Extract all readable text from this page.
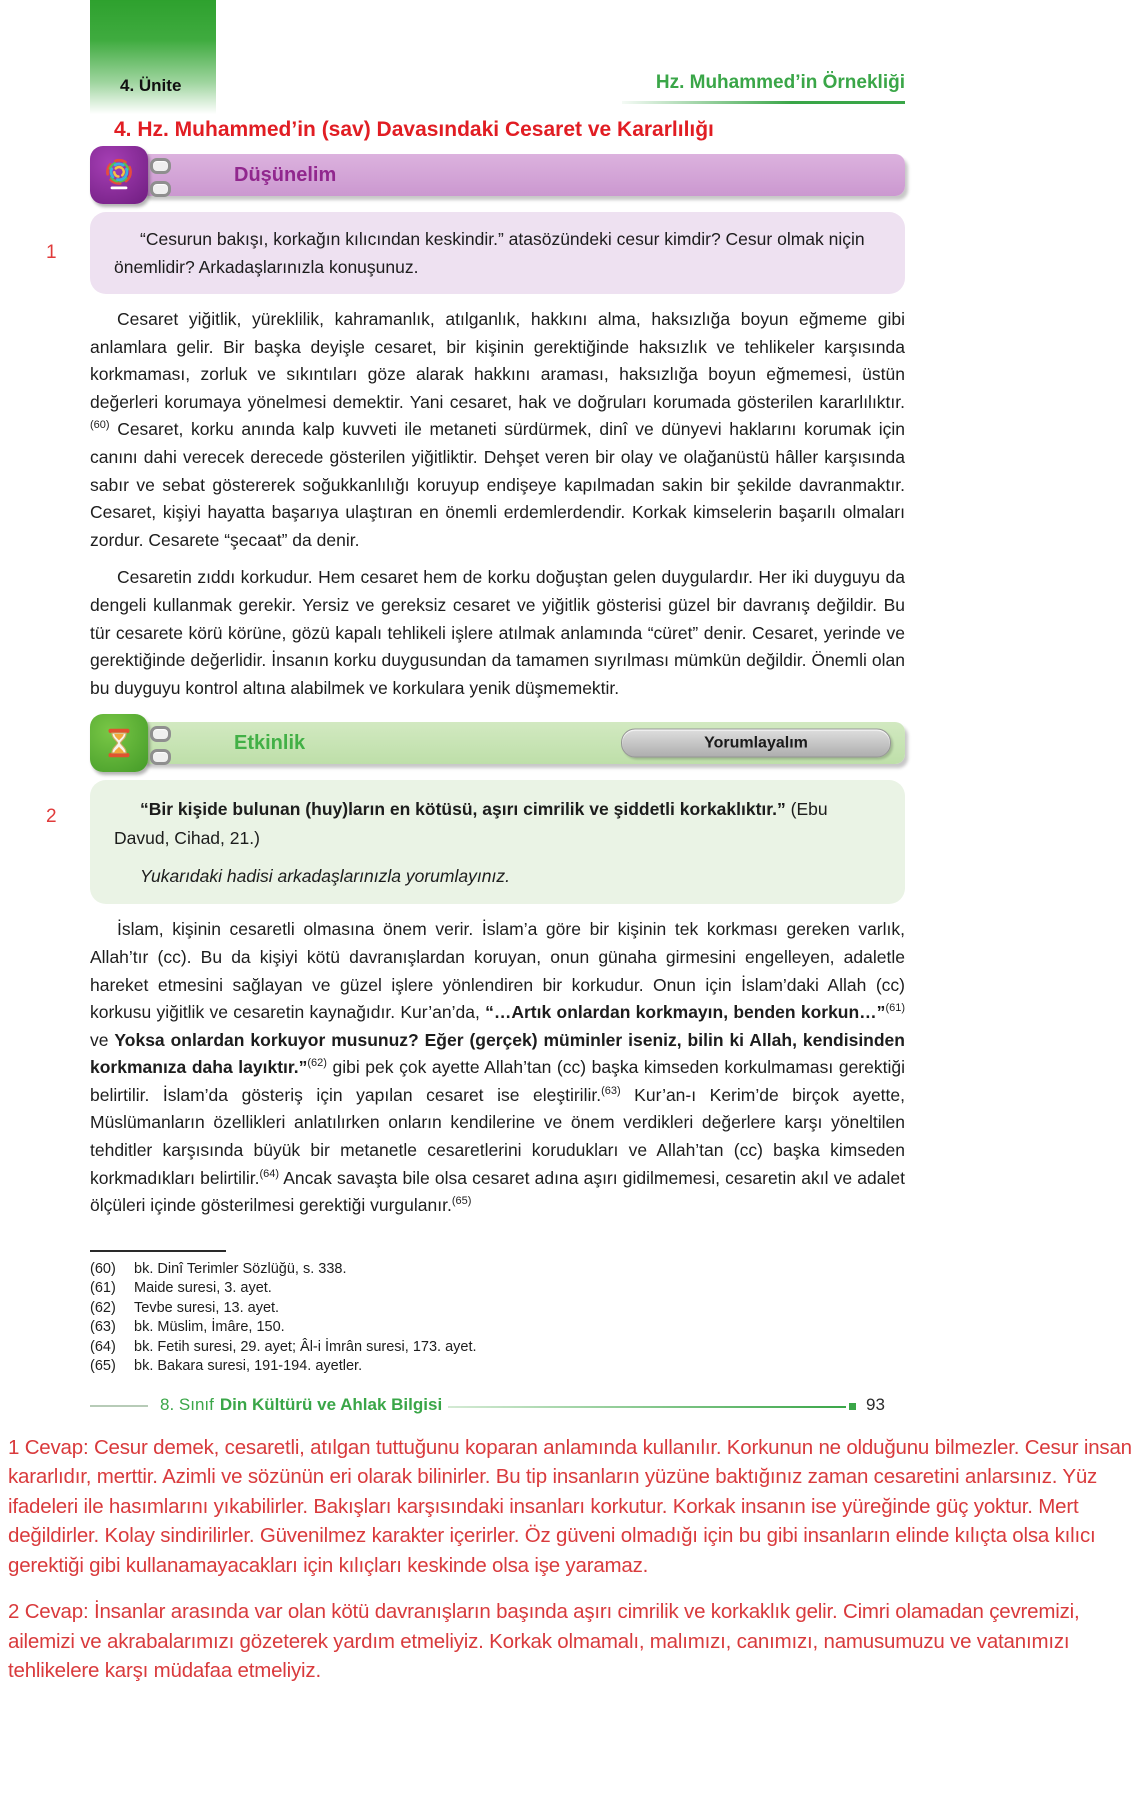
4. Ünite	Hz. Muhammed’in Örnekliği
4. Hz. Muhammed’in (sav) Davasındaki Cesaret ve Kararlılığı
Düşünelim
1
“Cesurun bakışı, korkağın kılıcından keskindir.” atasözündeki cesur kimdir? Cesur olmak niçin önemlidir? Arkadaşlarınızla konuşunuz.

Cesaret yiğitlik, yüreklilik, kahramanlık, atılganlık, hakkını alma, haksızlığa boyun eğmeme gibi anlamlara gelir. Bir başka deyişle cesaret, bir kişinin gerektiğinde haksızlık ve tehlikeler karşısında korkmaması, zorluk ve sıkıntıları göze alarak hakkını araması, haksızlığa boyun eğmemesi, üstün değerleri korumaya yönelmesi demektir. Yani cesaret, hak ve doğruları korumada gösterilen kararlılıktır.$^{(60)}$ Cesaret, korku anında kalp kuvveti ile metaneti sürdürmek, dinî ve dünyevi haklarını korumak için canını dahi verecek derecede gösterilen yiğitliktir. Dehşet veren bir olay ve olağanüstü hâller karşısında sabır ve sebat göstererek soğukkanlılığı koruyup endişeye kapılmadan sakin bir şekilde davranmaktır. Cesaret, kişiyi hayatta başarıya ulaştıran en önemli erdemlerdendir. Korkak kimselerin başarılı olmaları zordur. Cesarete “şecaat” da denir.

Cesaretin zıddı korkudur. Hem cesaret hem de korku doğuştan gelen duygulardır. Her iki duyguyu da dengeli kullanmak gerekir. Yersiz ve gereksiz cesaret ve yiğitlik gösterisi güzel bir davranış değildir. Bu tür cesarete körü körüne, gözü kapalı tehlikeli işlere atılmak anlamında “cüret” denir. Cesaret, yerinde ve gerektiğinde değerlidir. İnsanın korku duygusundan da tamamen sıyrılması mümkün değildir. Önemli olan bu duyguyu kontrol altına alabilmek ve korkulara yenik düşmemektir.

Etkinlik	Yorumlayalım
2	“Bir kişide bulunan (huy)ların en kötüsü, aşırı cimrilik ve şiddetli korkaklıktır.” (Ebu Davud, Cihad, 21.)
Yukarıdaki hadisi arkadaşlarınızla yorumlayınız.

İslam, kişinin cesaretli olmasına önem verir. İslam’a göre bir kişinin tek korkması gereken varlık, Allah’tır (cc). Bu da kişiyi kötü davranışlardan koruyan, onun günaha girmesini engelleyen, adaletle hareket etmesini sağlayan ve güzel işlere yönlendiren bir korkudur. Onun için İslam’daki Allah (cc) korkusu yiğitlik ve cesaretin kaynağıdır. Kur’an’da, “…Artık onlardan korkmayın, benden korkun…”$^{(61)}$ ve Yoksa onlardan korkuyor musunuz? Eğer (gerçek) müminler iseniz, bilin ki Allah, kendisinden korkmanıza daha layıktır.”$^{(62)}$ gibi pek çok ayette Allah’tan (cc) başka kimseden korkulmaması gerektiği belirtilir. İslam’da gösteriş için yapılan cesaret ise eleştirilir.$^{(63)}$ Kur’an-ı Kerim’de birçok ayette, Müslümanların özellikleri anlatılırken onların kendilerine ve önem verdikleri değerlere karşı yöneltilen tehditler karşısında büyük bir metanetle cesaretlerini korudukları ve Allah’tan (cc) başka kimseden korkmadıkları belirtilir.$^{(64)}$ Ancak savaşta bile olsa cesaret adına aşırı gidilmemesi, cesaretin akıl ve adalet ölçüleri içinde gösterilmesi gerektiği vurgulanır.$^{(65)}$

(60)	bk. Dinî Terimler Sözlüğü, s. 338.
(61)	Maide suresi, 3. ayet.
(62)	Tevbe suresi, 13. ayet.
(63)	bk. Müslim, İmâre, 150.
(64)	bk. Fetih suresi, 29. ayet; Âl-i İmrân suresi, 173. ayet.
(65)	bk. Bakara suresi, 191-194. ayetler.
8. Sınıf Din Kültürü ve Ahlak Bilgisi	93

1 Cevap: Cesur demek, cesaretli, atılgan tuttuğunu koparan anlamında kullanılır. Korkunun ne olduğunu bilmezler. Cesur insan kararlıdır, merttir. Azimli ve sözünün eri olarak bilinirler. Bu tip insanların yüzüne baktığınız zaman cesaretini anlarsınız. Yüz ifadeleri ile hasımlarını yıkabilirler. Bakışları karşısındaki insanları korkutur. Korkak insanın ise yüreğinde güç yoktur. Mert değildirler. Kolay sindirilirler. Güvenilmez karakter içerirler. Öz güveni olmadığı için bu gibi insanların elinde kılıçta olsa kılıcı gerektiği gibi kullanamayacakları için kılıçları keskinde olsa işe yaramaz.

2 Cevap: İnsanlar arasında var olan kötü davranışların başında aşırı cimrilik ve korkaklık gelir. Cimri olamadan çevremizi, ailemizi ve akrabalarımızı gözeterek yardım etmeliyiz. Korkak olmamalı, malımızı, canımızı, namusumuzu ve vatanımızı tehlikelere karşı müdafaa etmeliyiz.
